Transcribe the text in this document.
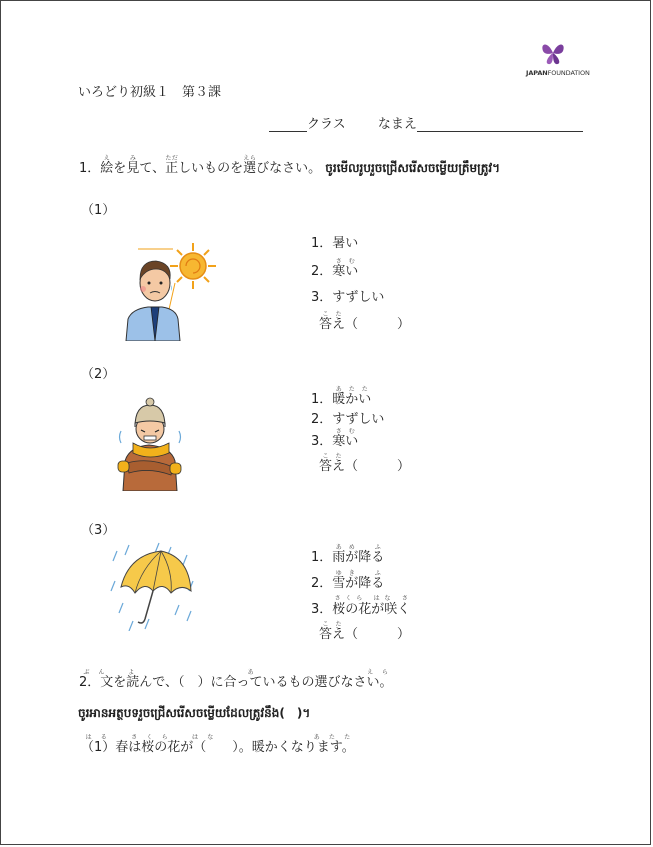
JAPANFOUNDATION
いろどり初級１　第３課
クラス なまえ
1．絵えを見みて、正ただしいものを選えらびなさい。 ចូរមើលរូបរួចជ្រើសរើសចម្លើយត្រឹមត្រូវ។
（1）
1．暑い
2．寒いさむ
3．すずしい
答えこた（　　　）
（2）
1．暖かいあたた
2．すずしい
3．寒いさむ
答えこた（　　　）
（3）
1．雨が降るあめ　ふ
2．雪が降るゆき　ふ
3．桜の花が咲くさくら はな さ
答えこた（　　　）
2．文を読んで、（　）に合っているもの選びなさい。ぶん　よ　　　　　　　あ　　　　　　　えら
ចូរអានអត្ថបទរួចជ្រើសរើសចម្លើយដែលត្រូវនឹង(　)។
（1）春は桜の花が（　　）。暖かくなります。はる　さくら　はな　　　　　　あたた
